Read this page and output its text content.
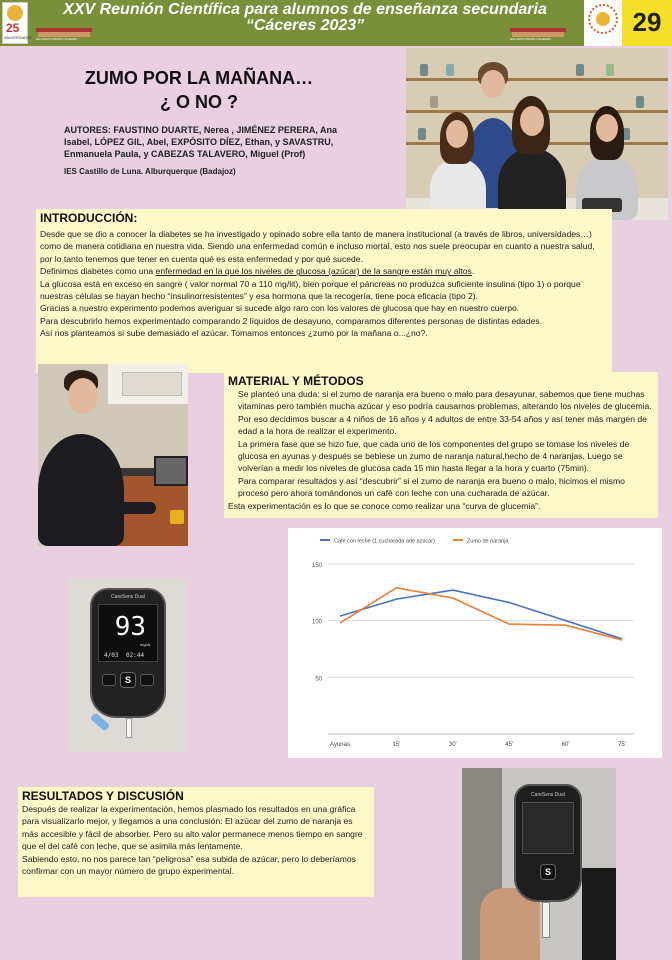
25
ANIVERSARIO
XXV Reunión Científica para alumnos de enseñanza secundaria
“Cáceres 2023”
IES SANTA MARÍA CÁCERES	IES SANTA MARÍA CÁCERES
29
ZUMO POR LA MAÑANA…
¿ O NO ?
AUTORES: FAUSTINO DUARTE, Nerea , JIMÉNEZ PERERA, Ana Isabel, LÓPEZ GIL, Abel, EXPÓSITO DÍEZ, Ethan, y SAVASTRU, Enmanuela Paula, y CABEZAS TALAVERO, Miguel (Prof)
IES Castillo de Luna. Alburquerque (Badajoz)
INTRODUCCIÓN:

Desde que se dio a conocer la diabetes se ha investigado y opinado sobre ella tanto de manera institucional (a través de libros, universidades…) como de manera cotidiana en nuestra vida. Siendo una enfermedad común e incluso mortal, esto nos suele preocupar en cuanto a nuestra salud, por lo tanto tenemos que tener en cuenta qué es esta enfermedad y por qué sucede.

Definimos diabetes como una enfermedad en la que los niveles de glucosa (azúcar) de la sangre están muy altos.

La glucosa está en exceso en sangre ( valor normal 70 a 110 mg/lit), bien porque el páncreas no produzca suficiente insulina (tipo 1) o porque nuestras células se hayan hecho “insulinorresistentes” y esa hormona que la recogería, tiene poca eficacia (tipo 2).

Gracias a nuestro experimento podemos averiguar si sucede algo raro con los valores de glucosa que hay en nuestro cuerpo.

Para descubrirlo hemos experimentado comparando 2 líquidos de desayuno, comparamos diferentes personas de distintas edades.

Así nos planteamos si sube demasiado el azúcar. Tomamos entonces ¿zumo por la mañana o...¿no?.

MATERIAL Y MÉTODOS

Se planteó una duda: si el zumo de naranja era bueno o malo para desayunar, sabemos que tiene muchas vitaminas pero también mucha azúcar y eso podría causarnos problemas, alterando los niveles de glucemia. Por eso decidimos buscar a 4 niños de 16 años y 4 adultos de entre 33-54 años y así tener más margen de edad a la hora de realizar el experimento.

La primera fase que se hizo fue, que cada uno de los componentes del grupo se tomase los niveles de glucosa en ayunas y después se bebiese un zumo de naranja natural,hecho de 4 naranjas. Luego se volverían a medir los niveles de glucosa cada 15 min hasta llegar a la hora y cuarto (75min).

Para comparar resultados y así “descubrir” si el zumo de naranja era bueno o malo, hicimos el mismo proceso pero ahora tomándonos un café con leche con una cucharada de azúcar.

Esta experimentación es lo que se conoce como realizar una “curva de glucemia”.

CareSens Dual
93
mg/dL
4/03 02:44
S	50
100
150
Ayunas	15'	30'	45'	60'	75'
Café con leche (1 cucharada ade azúcar)	Zumo de naranja
RESULTADOS Y DISCUSIÓN

Después de realizar la experimentación, hemos plasmado los resultados en una gráfica para visualizarlo mejor, y llegamos a una conclusión: El azúcar del zumo de naranja es más accesible y fácil de absorber. Pero su alto valor permanece menos tiempo en sangre que el del café con leche, que se asimila más lentamente.

Sabiendo esto, no nos parece tan “peligrosa” esa subida de azúcar, pero lo deberíamos confirmar con un mayor número de grupo experimental.

CareSens Dual
S
